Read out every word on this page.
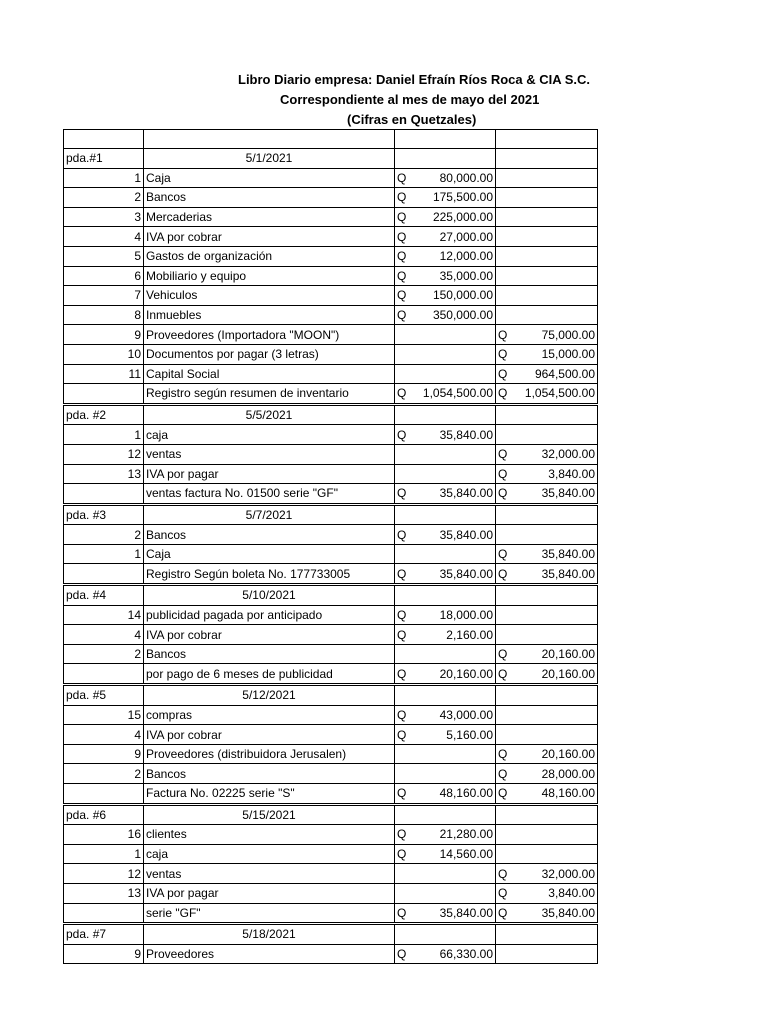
Libro Diario empresa: Daniel Efraín Ríos Roca & CIA S.C.
Correspondiente al mes de mayo del 2021
(Cifras en Quetzales)

pda.#1	5/1/2021		
1	Caja	Q 80,000.00	

2	Bancos	Q 175,500.00	

3	Mercaderias	Q 225,000.00	

4	IVA por cobrar	Q 27,000.00	

5	Gastos de organización	Q 12,000.00	

6	Mobiliario y equipo	Q 35,000.00	

7	Vehiculos	Q 150,000.00	

8	Inmuebles	Q 350,000.00	

9	Proveedores (Importadora "MOON")		Q 75,000.00

10	Documentos por pagar (3 letras)		Q 15,000.00

11	Capital Social		Q 964,500.00

	Registro según resumen de inventario	Q 1,054,500.00	Q 1,054,500.00

pda. #2	5/5/2021		
1	caja	Q 35,840.00	

12	ventas		Q 32,000.00

13	IVA por pagar		Q 3,840.00

	ventas factura No. 01500 serie "GF"	Q 35,840.00	Q 35,840.00

pda. #3	5/7/2021		
2	Bancos	Q 35,840.00	

1	Caja		Q 35,840.00

	Registro Según boleta No. 177733005	Q 35,840.00	Q 35,840.00

pda. #4	5/10/2021		
14	publicidad pagada por anticipado	Q 18,000.00	

4	IVA por cobrar	Q 2,160.00	

2	Bancos		Q 20,160.00

	por pago de 6 meses de publicidad	Q 20,160.00	Q 20,160.00

pda. #5	5/12/2021		
15	compras	Q 43,000.00	

4	IVA por cobrar	Q 5,160.00	

9	Proveedores (distribuidora Jerusalen)		Q 20,160.00

2	Bancos		Q 28,000.00

	Factura No. 02225 serie "S"	Q 48,160.00	Q 48,160.00

pda. #6	5/15/2021		
16	clientes	Q 21,280.00	

1	caja	Q 14,560.00	

12	ventas		Q 32,000.00

13	IVA por pagar		Q 3,840.00

	serie "GF"	Q 35,840.00	Q 35,840.00

pda. #7	5/18/2021		
9	Proveedores	Q 66,330.00	
